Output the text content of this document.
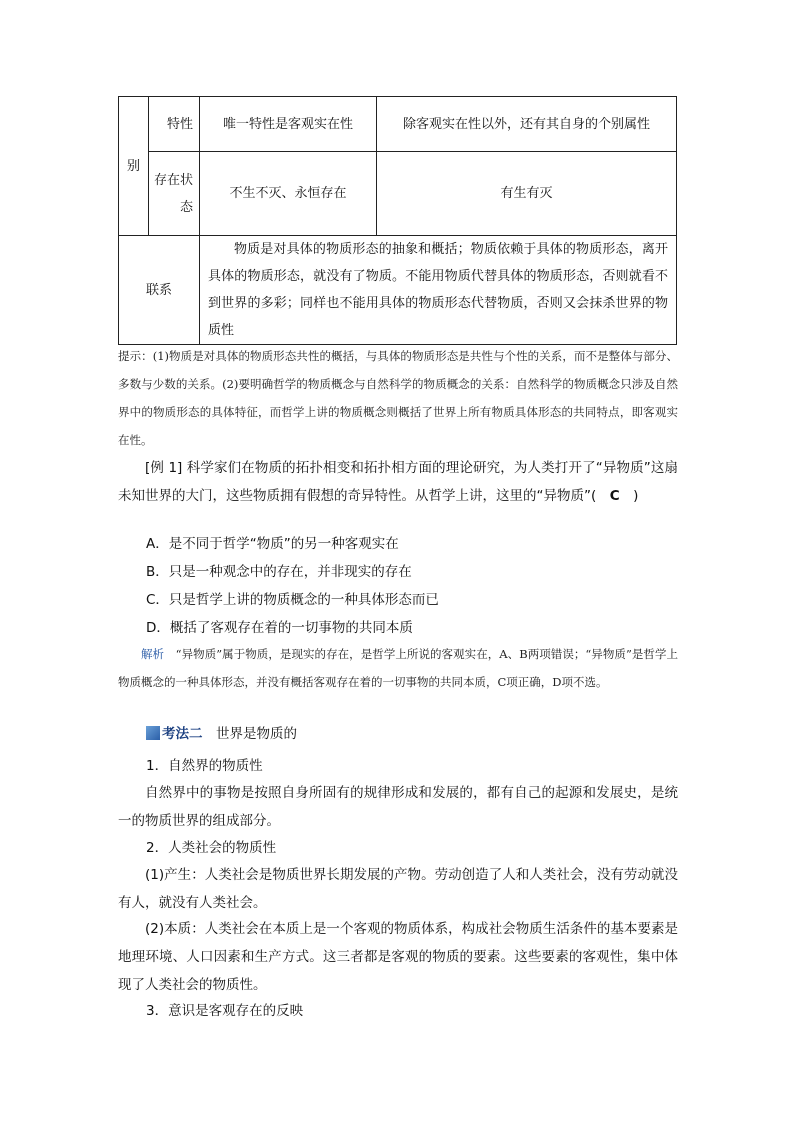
别	特性	唯一特性是客观实在性	除客观实在性以外，还有其自身的个别属性

	存在状态	不生不灭、永恒存在	有生有灭

联系		物质是对具体的物质形态的抽象和概括；物质依赖于具体的物质形态，离开具体的物质形态，就没有了物质。不能用物质代替具体的物质形态，否则就看不到世界的多彩；同样也不能用具体的物质形态代替物质，否则又会抹杀世界的物质性	
提示：(1)物质是对具体的物质形态共性的概括，与具体的物质形态是共性与个性的关系，而不是整体与部分、多数与少数的关系。(2)要明确哲学的物质概念与自然科学的物质概念的关系：自然科学的物质概念只涉及自然界中的物质形态的具体特征，而哲学上讲的物质概念则概括了世界上所有物质具体形态的共同特点，即客观实在性。
[例 1] 科学家们在物质的拓扑相变和拓扑相方面的理论研究，为人类打开了“异物质”这扇未知世界的大门，这些物质拥有假想的奇异特性。从哲学上讲，这里的“异物质”(　C　)
A．是不同于哲学“物质”的另一种客观实在
B．只是一种观念中的存在，并非现实的存在
C．只是哲学上讲的物质概念的一种具体形态而已
D．概括了客观存在着的一切事物的共同本质
解析　 “异物质”属于物质，是现实的存在，是哲学上所说的客观实在，A、B两项错误；“异物质”是哲学上物质概念的一种具体形态，并没有概括客观存在着的一切事物的共同本质，C项正确，D项不选。
考法二　世界是物质的
1．自然界的物质性
自然界中的事物是按照自身所固有的规律形成和发展的，都有自己的起源和发展史，是统一的物质世界的组成部分。
2．人类社会的物质性
(1)产生：人类社会是物质世界长期发展的产物。劳动创造了人和人类社会，没有劳动就没有人，就没有人类社会。
(2)本质：人类社会在本质上是一个客观的物质体系，构成社会物质生活条件的基本要素是地理环境、人口因素和生产方式。这三者都是客观的物质的要素。这些要素的客观性，集中体现了人类社会的物质性。
3．意识是客观存在的反映
